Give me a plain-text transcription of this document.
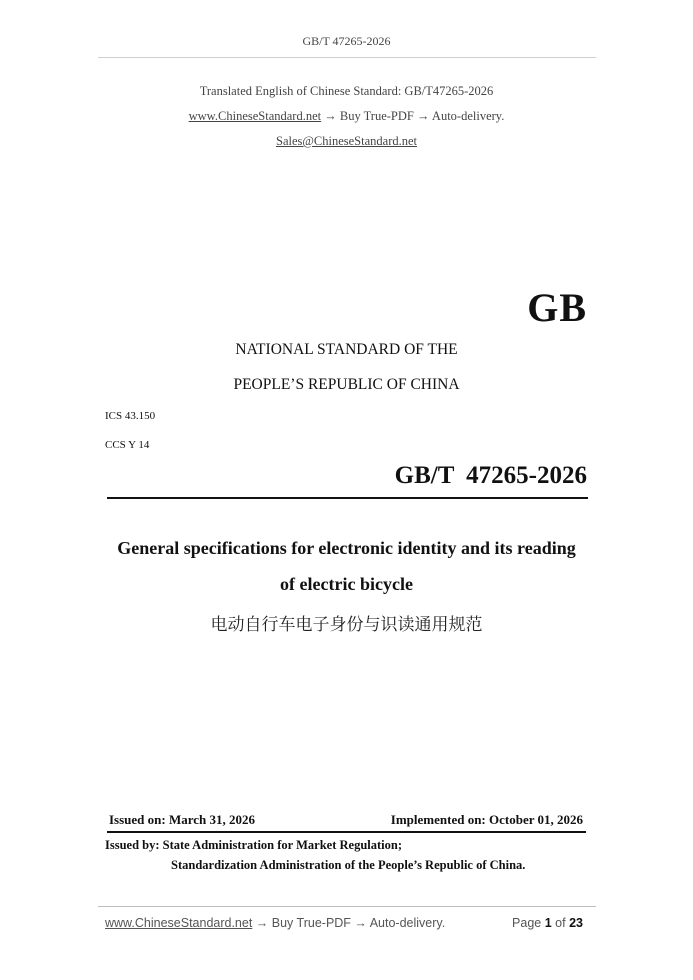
GB/T 47265-2026
Translated English of Chinese Standard: GB/T47265-2026
www.ChineseStandard.net → Buy True-PDF → Auto-delivery.
Sales@ChineseStandard.net
GB
NATIONAL STANDARD OF THE
PEOPLE’S REPUBLIC OF CHINA
ICS 43.150
CCS Y 14
GB/T 47265-2026
General specifications for electronic identity and its reading
of electric bicycle
电动自行车电子身份与识读通用规范
Issued on: March 31, 2026	Implemented on: October 01, 2026
Issued by: State Administration for Market Regulation;
Standardization Administration of the People’s Republic of China.
www.ChineseStandard.net → Buy True-PDF → Auto-delivery.	Page 1 of 23
